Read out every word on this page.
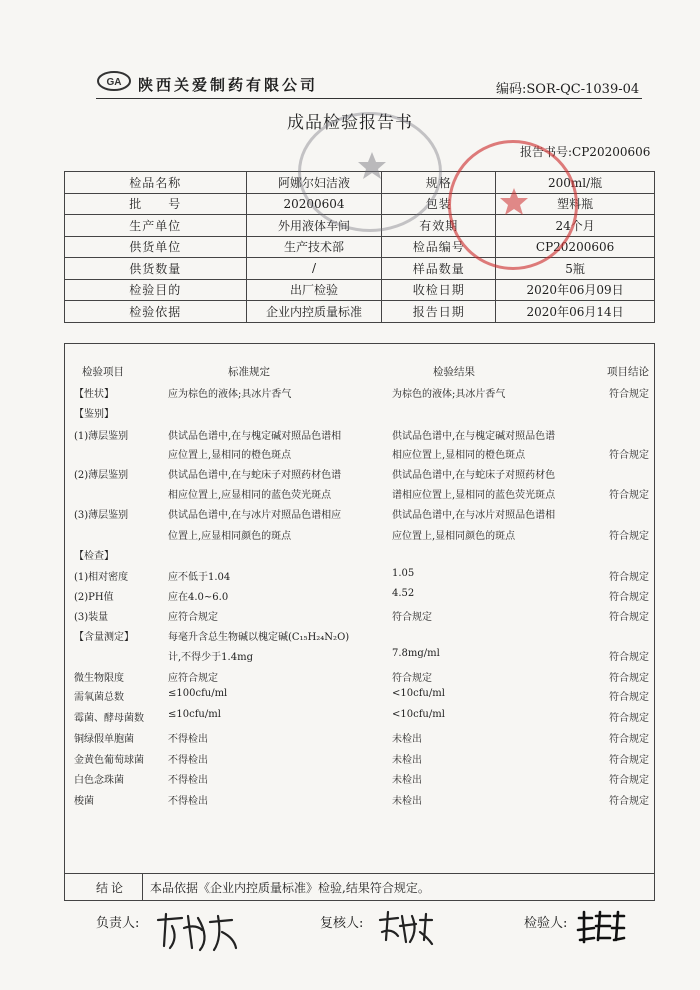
GA 陕西关爱制药有限公司	编码:SOR-QC-1039-04
成品检验报告书
报告书号:CP20200606
检品名称	阿娜尔妇洁液	规格	200ml/瓶
批　　号	20200604	包装	塑料瓶
生产单位	外用液体车间	有效期	24个月
供货单位	生产技术部	检品编号	CP20200606
供货数量	/	样品数量	5瓶
检验目的	出厂检验	收检日期	2020年06月09日
检验依据	企业内控质量标准	报告日期	2020年06月14日
检验项目	标准规定	检验结果	项目结论
【性状】	应为棕色的液体;具冰片香气	为棕色的液体;具冰片香气	符合规定
【鉴别】
(1)薄层鉴别	供试品色谱中,在与槐定碱对照品色谱相	供试品色谱中,在与槐定碱对照品色谱
应位置上,显相同的橙色斑点	相应位置上,显相同的橙色斑点	符合规定
(2)薄层鉴别	供试品色谱中,在与蛇床子对照药材色谱	供试品色谱中,在与蛇床子对照药材色
相应位置上,应显相同的蓝色荧光斑点	谱相应位置上,显相同的蓝色荧光斑点	符合规定
(3)薄层鉴别	供试品色谱中,在与冰片对照品色谱相应	供试品色谱中,在与冰片对照品色谱相
位置上,应显相同颜色的斑点	应位置上,显相同颜色的斑点	符合规定
【检查】
(1)相对密度	应不低于1.04	1.05	符合规定
(2)PH值	应在4.0~6.0	4.52	符合规定
(3)装量	应符合规定	符合规定	符合规定
【含量测定】	每毫升含总生物碱以槐定碱(C₁₅H₂₄N₂O)
计,不得少于1.4mg	7.8mg/ml	符合规定
微生物限度	应符合规定	符合规定	符合规定
需氧菌总数	≤100cfu/ml	<10cfu/ml	符合规定
霉菌、酵母菌数 ≤10cfu/ml	<10cfu/ml	符合规定
铜绿假单胞菌	不得检出	未检出	符合规定
金黄色葡萄球菌 不得检出	未检出	符合规定
白色念珠菌	不得检出	未检出	符合规定
梭菌	不得检出	未检出	符合规定
结论 本品依据《企业内控质量标准》检验,结果符合规定。
负责人:	复核人:	检验人:
